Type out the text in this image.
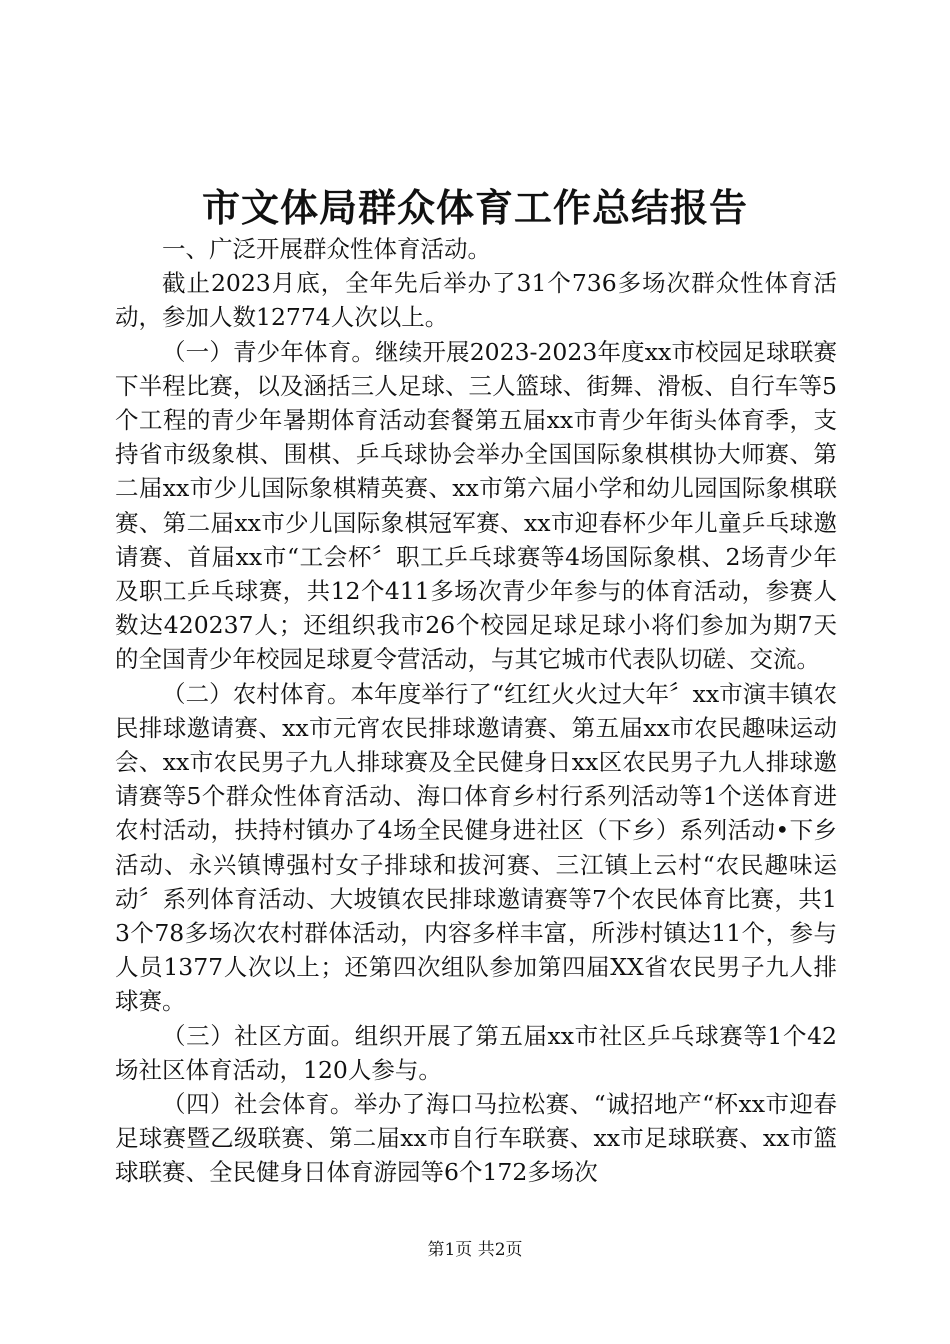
市文体局群众体育工作总结报告

一、广泛开展群众性体育活动。

截止2023月底，全年先后举办了31个736多场次群众性体育活动，参加人数12774人次以上。

（一）青少年体育。继续开展2023-2023年度xx市校园足球联赛下半程比赛，以及涵括三人足球、三人篮球、街舞、滑板、自行车等5个工程的青少年暑期体育活动套餐第五届xx市青少年街头体育季，支持省市级象棋、围棋、乒乓球协会举办全国国际象棋棋协大师赛、第二届xx市少儿国际象棋精英赛、xx市第六届小学和幼儿园国际象棋联赛、第二届xx市少儿国际象棋冠军赛、xx市迎春杯少年儿童乒乓球邀请赛、首届xx市“工会杯〞职工乒乓球赛等4场国际象棋、2场青少年及职工乒乓球赛，共12个411多场次青少年参与的体育活动，参赛人数达420237人；还组织我市26个校园足球足球小将们参加为期7天的全国青少年校园足球夏令营活动，与其它城市代表队切磋、交流。

（二）农村体育。本年度举行了“红红火火过大年〞xx市演丰镇农民排球邀请赛、xx市元宵农民排球邀请赛、第五届xx市农民趣味运动会、xx市农民男子九人排球赛及全民健身日xx区农民男子九人排球邀请赛等5个群众性体育活动、海口体育乡村行系列活动等1个送体育进农村活动，扶持村镇办了4场全民健身进社区（下乡）系列活动•下乡活动、永兴镇博强村女子排球和拔河赛、三江镇上云村“农民趣味运动〞系列体育活动、大坡镇农民排球邀请赛等7个农民体育比赛，共13个78多场次农村群体活动，内容多样丰富，所涉村镇达11个，参与人员1377人次以上；还第四次组队参加第四届XX省农民男子九人排球赛。

（三）社区方面。组织开展了第五届xx市社区乒乓球赛等1个42场社区体育活动，120人参与。

（四）社会体育。举办了海口马拉松赛、“诚招地产“杯xx市迎春足球赛暨乙级联赛、第二届xx市自行车联赛、xx市足球联赛、xx市篮球联赛、全民健身日体育游园等6个172多场次

第1页 共2页
